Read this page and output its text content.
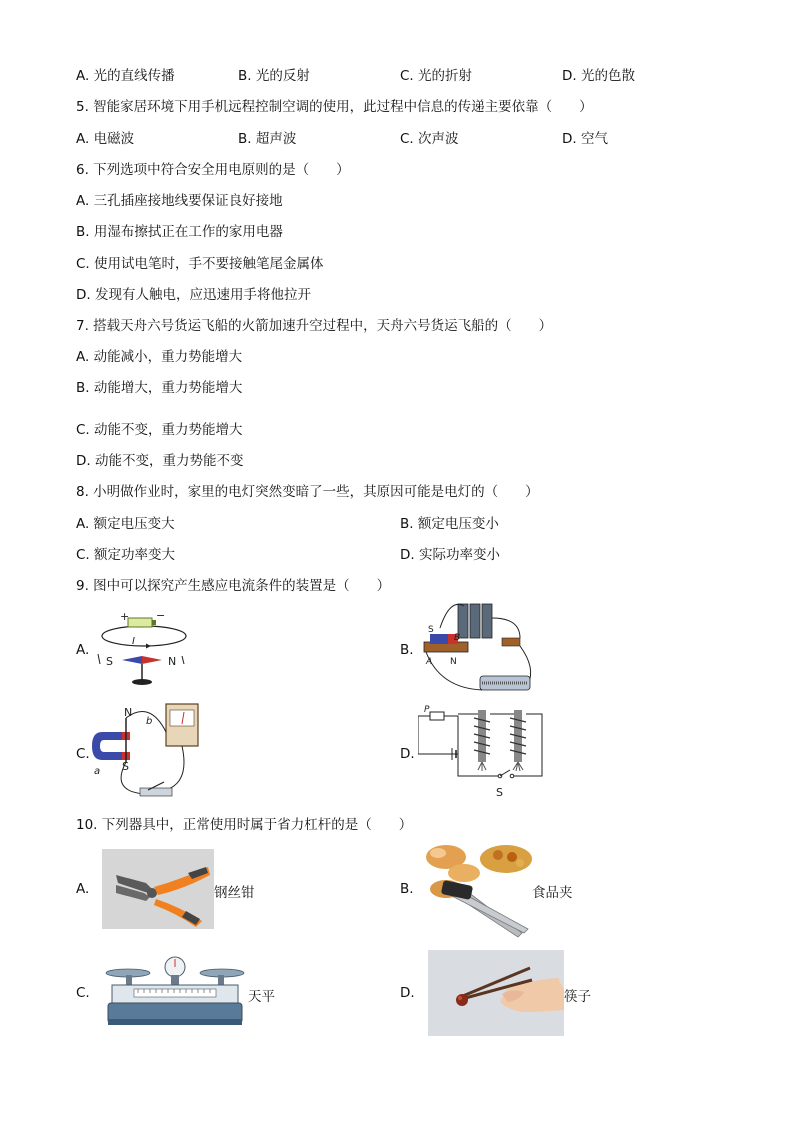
A. 光的直线传播	B. 光的反射	C. 光的折射	D. 光的色散
5. 智能家居环境下用手机远程控制空调的使用，此过程中信息的传递主要依靠（　　）
A. 电磁波	B. 超声波	C. 次声波	D. 空气
6. 下列选项中符合安全用电原则的是（　　）
A. 三孔插座接地线要保证良好接地
B. 用湿布擦拭正在工作的家用电器
C. 使用试电笔时，手不要接触笔尾金属体
D. 发现有人触电，应迅速用手将他拉开
7. 搭载天舟六号货运飞船的火箭加速升空过程中，天舟六号货运飞船的（　　）
A. 动能减小，重力势能增大
B. 动能增大，重力势能增大
C. 动能不变，重力势能增大
D. 动能不变，重力势能不变
8. 小明做作业时，家里的电灯突然变暗了一些，其原因可能是电灯的（　　）
A. 额定电压变大	B. 额定电压变小
C. 额定功率变大	D. 实际功率变小
9. 图中可以探究产生感应电流条件的装置是（　　）
A.	B.
C.	D.
+ −
I
S	N
S
A N
B
N
b
S
a
P
S
10. 下列器具中，正常使用时属于省力杠杆的是（　　）
A.	B.
C.	D.
钢丝钳	食品夹
天平	筷子
